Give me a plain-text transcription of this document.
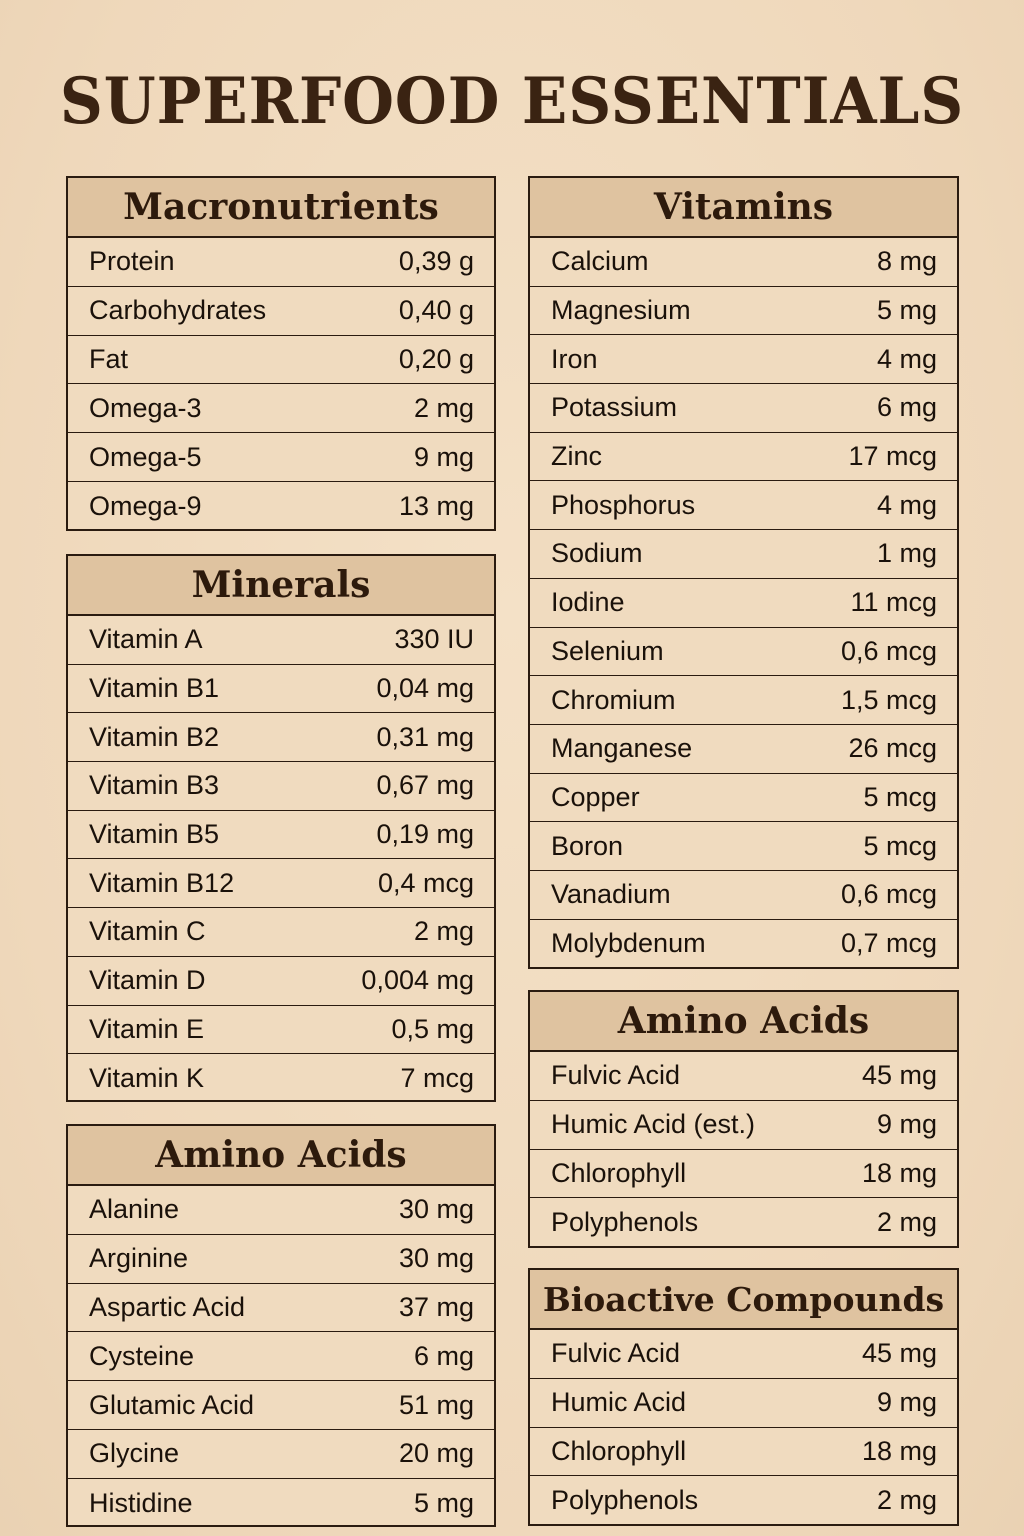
SUPERFOOD ESSENTIALS
Macronutrients
Protein	0,39 g
Carbohydrates	0,40 g
Fat	0,20 g
Omega-3	2 mg
Omega-5	9 mg
Omega-9	13 mg
Minerals
Vitamin A	330 IU
Vitamin B1	0,04 mg
Vitamin B2	0,31 mg
Vitamin B3	0,67 mg
Vitamin B5	0,19 mg
Vitamin B12	0,4 mcg
Vitamin C	2 mg
Vitamin D	0,004 mg
Vitamin E	0,5 mg
Vitamin K	7 mcg
Amino Acids
Alanine	30 mg
Arginine	30 mg
Aspartic Acid	37 mg
Cysteine	6 mg
Glutamic Acid	51 mg
Glycine	20 mg
Histidine	5 mg
Vitamins
Calcium	8 mg
Magnesium	5 mg
Iron	4 mg
Potassium	6 mg
Zinc	17 mcg
Phosphorus	4 mg
Sodium	1 mg
Iodine	11 mcg
Selenium	0,6 mcg
Chromium	1,5 mcg
Manganese	26 mcg
Copper	5 mcg
Boron	5 mcg
Vanadium	0,6 mcg
Molybdenum	0,7 mcg
Amino Acids
Fulvic Acid	45 mg
Humic Acid (est.)	9 mg
Chlorophyll	18 mg
Polyphenols	2 mg
Bioactive Compounds
Fulvic Acid	45 mg
Humic Acid	9 mg
Chlorophyll	18 mg
Polyphenols	2 mg
